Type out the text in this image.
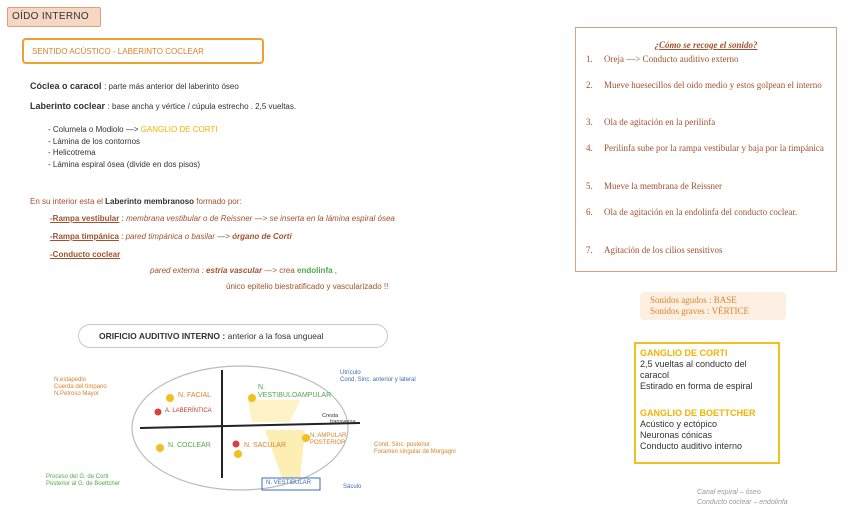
OÍDO INTERNO
SENTIDO ACÚSTICO - LABERINTO COCLEAR
Cóclea o caracol : parte más anterior del laberinto óseo
Laberinto coclear : base ancha y vértice / cúpula estrecho . 2,5 vueltas.
- Columela o Modiolo —> GANGLIO DE CORTI
- Lámina de los contornos
- Helicotrema
- Lámina espiral ósea (divide en dos pisos)
En su interior esta el Laberinto membranoso formado por:
-Rampa vestibular : membrana vestibular o de Reissner —> se inserta en la lámina espiral ósea
-Rampa timpánica : pared timpánica o basilar —> órgano de Corti
-Conducto coclear
pared externa : estría vascular —> crea endolinfa ,
único epitelio biestratificado y vascularizado !!
ORIFICIO AUDITIVO INTERNO : anterior a la fosa ungueal
N.estapedio
Cuerda del tímpano
N.Petroso Mayor
Proceso del G. de Corti
Posterior al G. de Boettcher
Utrículo
Cond. Sinc. anterior y lateral
Cond. Sinc. posterior
Foramen singular de Morgagni
Sáculo
N. FACIAL
A. LABERÍNTICA
N. VESTIBULOAMPULAR
Cresta
transversa
N. COCLEAR	N. SACULAR
N. AMPULAR
POSTERIOR
N. VESTIBULAR
¿Cómo se recoge el sonido?
1.	Oreja —> Conducto auditivo externo
2.	Mueve huesecillos del oído medio y estos golpean el interno
3.	Ola de agitación en la perilinfa
4.	Perilinfa sube por la rampa vestibular y baja por la timpánica
5.	Mueve la membrana de Reissner
6.	Ola de agitación en la endolinfa del conducto coclear.
7.	Agitación de los cilios sensitivos
Sonidos agudos : BASE
Sonidos graves : VÉRTICE
GANGLIO DE CORTI
2,5 vueltas al conducto del
caracol
Estirado en forma de espiral
GANGLIO DE BOETTCHER
Acústico y ectópico
Neuronas cónicas
Conducto auditivo interno
Canal espiral – óseo
Conducto coclear – endolinfa
